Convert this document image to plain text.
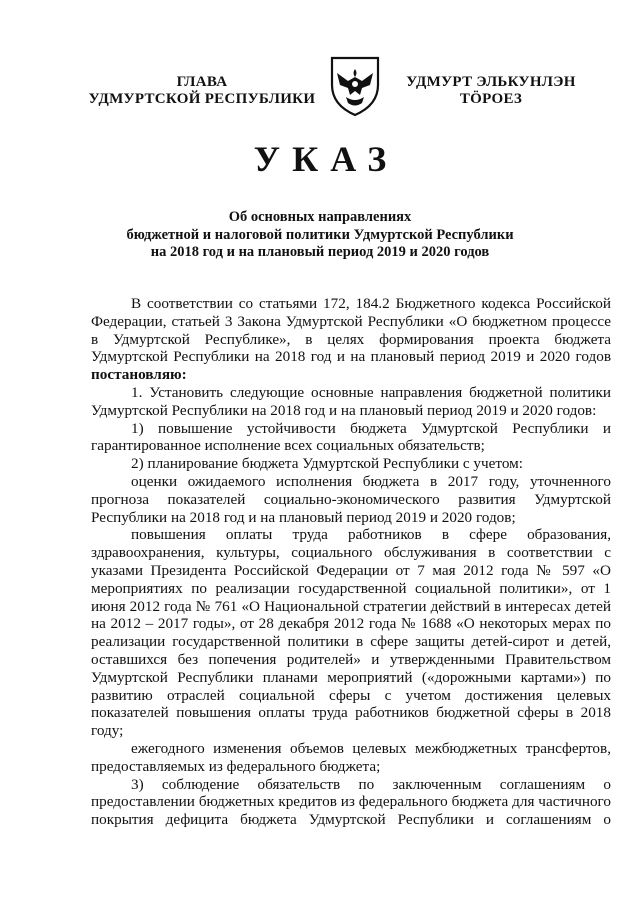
ГЛАВА
УДМУРТСКОЙ РЕСПУБЛИКИ
УДМУРТ ЭЛЬКУНЛЭН
ТӦРОЕЗ
УКАЗ
Об основных направлениях
бюджетной и налоговой политики Удмуртской Республики
на 2018 год и на плановый период 2019 и 2020 годов

В соответствии со статьями 172, 184.2 Бюджетного кодекса Российской Федерации, статьей 3 Закона Удмуртской Республики «О бюджетном процессе в Удмуртской Республике», в целях формирования проекта бюджета Удмуртской Республики на 2018 год и на плановый период 2019 и 2020 годов постановляю:

1. Установить следующие основные направления бюджетной политики Удмуртской Республики на 2018 год и на плановый период 2019 и 2020 годов:

1) повышение устойчивости бюджета Удмуртской Республики и гарантированное исполнение всех социальных обязательств;

2) планирование бюджета Удмуртской Республики с учетом:

оценки ожидаемого исполнения бюджета в 2017 году, уточненного прогноза показателей социально-экономического развития Удмуртской Республики на 2018 год и на плановый период 2019 и 2020 годов;

повышения оплаты труда работников в сфере образования, здравоохранения, культуры, социального обслуживания в соответствии с указами Президента Российской Федерации от 7 мая 2012 года № 597 «О мероприятиях по реализации государственной социальной политики», от 1 июня 2012 года № 761 «О Национальной стратегии действий в интересах детей на 2012 – 2017 годы», от 28 декабря 2012 года № 1688 «О некоторых мерах по реализации государственной политики в сфере защиты детей-сирот и детей, оставшихся без попечения родителей» и утвержденными Правительством Удмуртской Республики планами мероприятий («дорожными картами») по развитию отраслей социальной сферы с учетом достижения целевых показателей повышения оплаты труда работников бюджетной сферы в 2018 году;

ежегодного изменения объемов целевых межбюджетных трансфертов, предоставляемых из федерального бюджета;

3) соблюдение обязательств по заключенным соглашениям о предоставлении бюджетных кредитов из федерального бюджета для частичного покрытия дефицита бюджета Удмуртской Республики и соглашениям о
